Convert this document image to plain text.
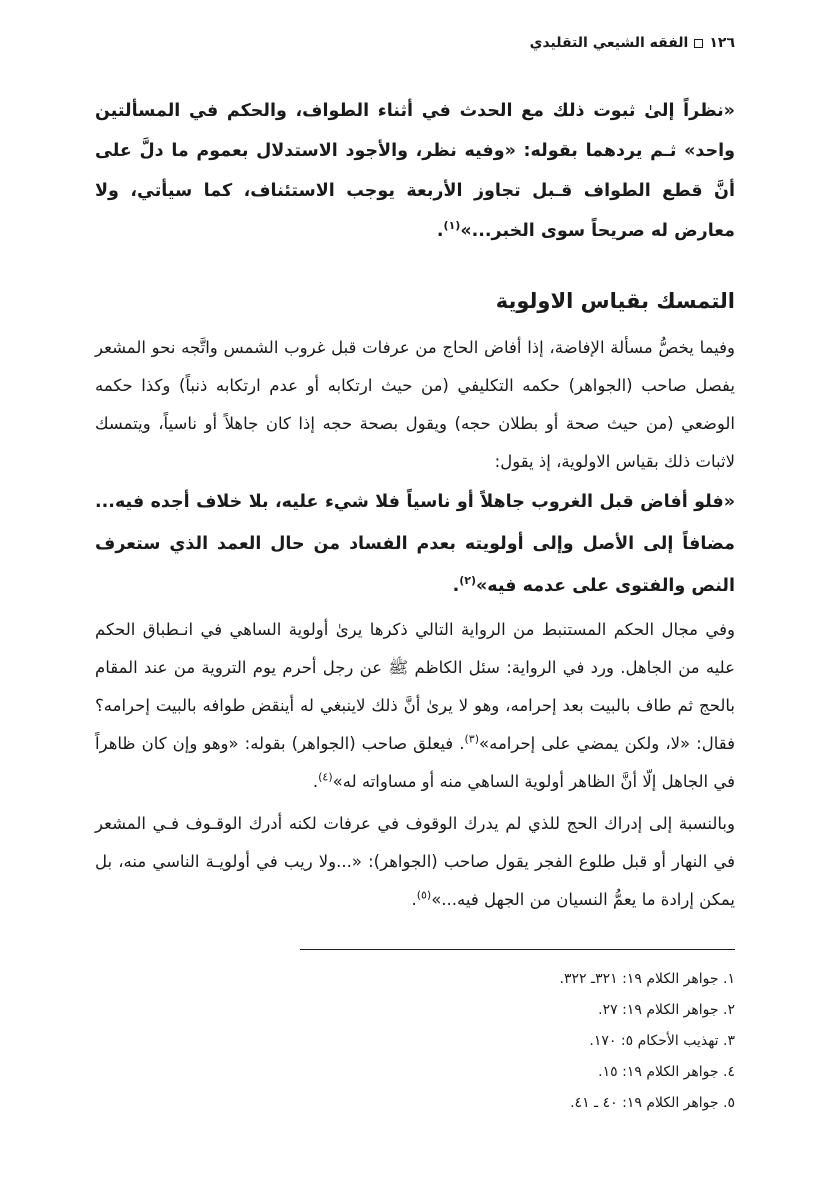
١٢٦
الفقه الشيعي التقليدي

«نظراً إلىٰ ثبوت ذلك مع الحدث في أثناء الطواف، والحكم في المسألتين واحد» ثـم يردهما بقوله: «وفيه نظر، والأجود الاستدلال بعموم ما دلَّ على أنَّ قطع الطواف قـبل تجاوز الأربعة يوجب الاستئناف، كما سيأتي، ولا معارض له صريحاً سوى الخبر...»$^{(١)}$.

التمسك بقياس الاولوية

وفيما يخصُّ مسألة الإفاضة، إذا أفاض الحاج من عرفات قبل غروب الشمس واتَّجه نحو المشعر يفصل صاحب (الجواهر) حكمه التكليفي (من حيث ارتكابه أو عدم ارتكابه ذنباً) وكذا حكمه الوضعي (من حيث صحة أو بطلان حجه) ويقول بصحة حجه إذا كان جاهلاً أو ناسياً، ويتمسك لاثبات ذلك بقياس الاولوية، إذ يقول:

«فلو أفاض قبل الغروب جاهلاً أو ناسياً فلا شيء عليه، بلا خلاف أجده فيه... مضافاً إلى الأصل وإلى أولويته بعدم الفساد من حال العمد الذي ستعرف النص والفتوى على عدمه فيه»$^{(٢)}$.

وفي مجال الحكم المستنبط من الرواية التالي ذكرها يرىٰ أولوية الساهي في انـطباق الحكم عليه من الجاهل. ورد في الرواية: سئل الكاظم ﷺ عن رجل أحرم يوم التروية من عند المقام بالحج ثم طاف بالبيت بعد إحرامه، وهو لا يرىٰ أنَّ ذلك لاينبغي له أينقض طوافه بالبيت إحرامه؟ فقال: «لا، ولكن يمضي على إحرامه»$^{(٣)}$. فيعلق صاحب (الجواهر) بقوله: «وهو وإن كان ظاهراً في الجاهل إلّا أنَّ الظاهر أولوية الساهي منه أو مساواته له»$^{(٤)}$.

وبالنسبة إلى إدراك الحج للذي لم يدرك الوقوف في عرفات لكنه أدرك الوقـوف فـي المشعر في النهار أو قبل طلوع الفجر يقول صاحب (الجواهر): «...ولا ريب في أولويـة الناسي منه، بل يمكن إرادة ما يعمُّ النسيان من الجهل فيه...»$^{(٥)}$.

١. جواهر الكلام ١٩: ٣٢١ـ ٣٢٢.
٢. جواهر الكلام ١٩: ٢٧.
٣. تهذيب الأحكام ٥: ١٧٠.
٤. جواهر الكلام ١٩: ١٥.
٥. جواهر الكلام ١٩: ٤٠ ـ ٤١.
